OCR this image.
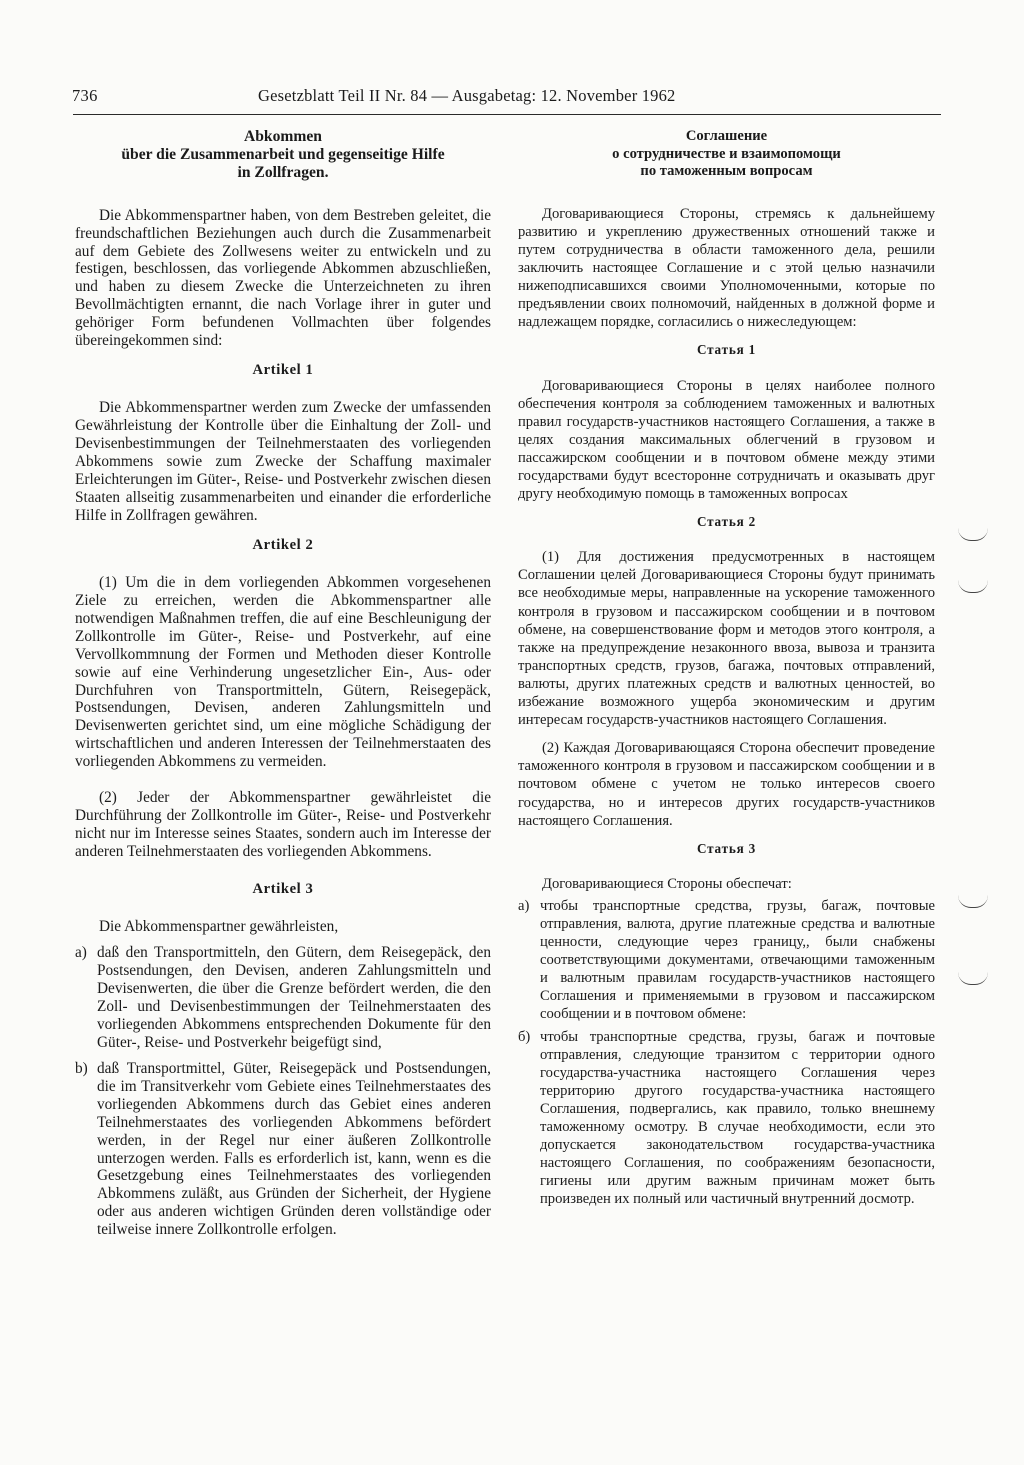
736	Gesetzblatt Teil II Nr. 84 — Ausgabetag: 12. November 1962
Abkommen
über die Zusammenarbeit und gegenseitige Hilfe
in Zollfragen.

Die Abkommenspartner haben, von dem Bestreben geleitet, die freundschaftlichen Beziehungen auch durch die Zusammenarbeit auf dem Gebiete des Zollwesens weiter zu entwickeln und zu festigen, beschlossen, das vorliegende Abkommen abzuschließen, und haben zu diesem Zwecke die Unterzeichneten zu ihren Bevollmächtigten ernannt, die nach Vorlage ihrer in guter und gehöriger Form befundenen Vollmachten über folgendes übereingekommen sind:

Artikel 1

Die Abkommenspartner werden zum Zwecke der umfassenden Gewährleistung der Kontrolle über die Einhaltung der Zoll- und Devisenbestimmungen der Teilnehmerstaaten des vorliegenden Abkommens sowie zum Zwecke der Schaffung maximaler Erleichterungen im Güter-, Reise- und Postverkehr zwischen diesen Staaten allseitig zusammenarbeiten und einander die erforderliche Hilfe in Zollfragen gewähren.

Artikel 2

(1) Um die in dem vorliegenden Abkommen vorgesehenen Ziele zu erreichen, werden die Abkommenspartner alle notwendigen Maßnahmen treffen, die auf eine Beschleunigung der Zollkontrolle im Güter-, Reise- und Postverkehr, auf eine Vervollkommnung der Formen und Methoden dieser Kontrolle sowie auf eine Verhinderung ungesetzlicher Ein-, Aus- oder Durchfuhren von Transportmitteln, Gütern, Reisegepäck, Postsendungen, Devisen, anderen Zahlungsmitteln und Devisenwerten gerichtet sind, um eine mögliche Schädigung der wirtschaftlichen und anderen Interessen der Teilnehmerstaaten des vorliegenden Abkommens zu vermeiden.

(2) Jeder der Abkommenspartner gewährleistet die Durchführung der Zollkontrolle im Güter-, Reise- und Postverkehr nicht nur im Interesse seines Staates, sondern auch im Interesse der anderen Teilnehmerstaaten des vorliegenden Abkommens.

Artikel 3

Die Abkommenspartner gewährleisten,

a) daß den Transportmitteln, den Gütern, dem Reisegepäck, den Postsendungen, den Devisen, anderen Zahlungsmitteln und Devisenwerten, die über die Grenze befördert werden, die den Zoll- und Devisenbestimmungen der Teilnehmerstaaten des vorliegenden Abkommens entsprechenden Dokumente für den Güter-, Reise- und Postverkehr beigefügt sind,
b) daß Transportmittel, Güter, Reisegepäck und Postsendungen, die im Transitverkehr vom Gebiete eines Teilnehmerstaates des vorliegenden Abkommens durch das Gebiet eines anderen Teilnehmerstaates des vorliegenden Abkommens befördert werden, in der Regel nur einer äußeren Zollkontrolle unterzogen werden. Falls es erforderlich ist, kann, wenn es die Gesetzgebung eines Teilnehmerstaates des vorliegenden Abkommens zuläßt, aus Gründen der Sicherheit, der Hygiene oder aus anderen wichtigen Gründen deren vollständige oder teilweise innere Zollkontrolle erfolgen.
Соглашение
о сотрудничестве и взаимопомощи
по таможенным вопросам

Договаривающиеся Стороны, стремясь к дальнейшему развитию и укреплению дружественных отношений также и путем сотрудничества в области таможенного дела, решили заключить настоящее Соглашение и с этой целью назначили нижеподписавшихся своими Уполномоченными, которые по предъявлении своих полномочий, найденных в должной форме и надлежащем порядке, согласились о нижеследующем:

Статья 1

Договаривающиеся Стороны в целях наиболее полного обеспечения контроля за соблюдением таможенных и валютных правил государств-участников настоящего Соглашения, а также в целях создания максимальных облегчений в грузовом и пассажирском сообщении и в почтовом обмене между этими государствами будут всесторонне сотрудничать и оказывать друг другу необходимую помощь в таможенных вопросах

Статья 2

(1) Для достижения предусмотренных в настоящем Соглашении целей Договаривающиеся Стороны будут принимать все необходимые меры, направленные на ускорение таможенного контроля в грузовом и пассажирском сообщении и в почтовом обмене, на совершенствование форм и методов этого контроля, а также на предупреждение незаконного ввоза, вывоза и транзита транспортных средств, грузов, багажа, почтовых отправлений, валюты, других платежных средств и валютных ценностей, во избежание возможного ущерба экономическим и другим интересам государств-участников настоящего Соглашения.

(2) Каждая Договаривающаяся Сторона обеспечит проведение таможенного контроля в грузовом и пассажирском сообщении и в почтовом обмене с учетом не только интересов своего государства, но и интересов других государств-участников настоящего Соглашения.

Статья 3

Договаривающиеся Стороны обеспечат:

а) чтобы транспортные средства, грузы, багаж, почтовые отправления, валюта, другие платежные средства и валютные ценности, следующие через границу,, были снабжены соответствующими документами, отвечающими таможенным и валютным правилам государств-участников настоящего Соглашения и применяемыми в грузовом и пассажирском сообщении и в почтовом обмене:
б) чтобы транспортные средства, грузы, багаж и почтовые отправления, следующие транзитом с территории одного государства-участника настоящего Соглашения через территорию другого государства-участника настоящего Соглашения, подвергались, как правило, только внешнему таможенному осмотру. В случае необходимости, если это допускается законодательством государства-участника настоящего Соглашения, по соображениям безопасности, гигиены или другим важным причинам может быть произведен их полный или частичный внутренний досмотр.
